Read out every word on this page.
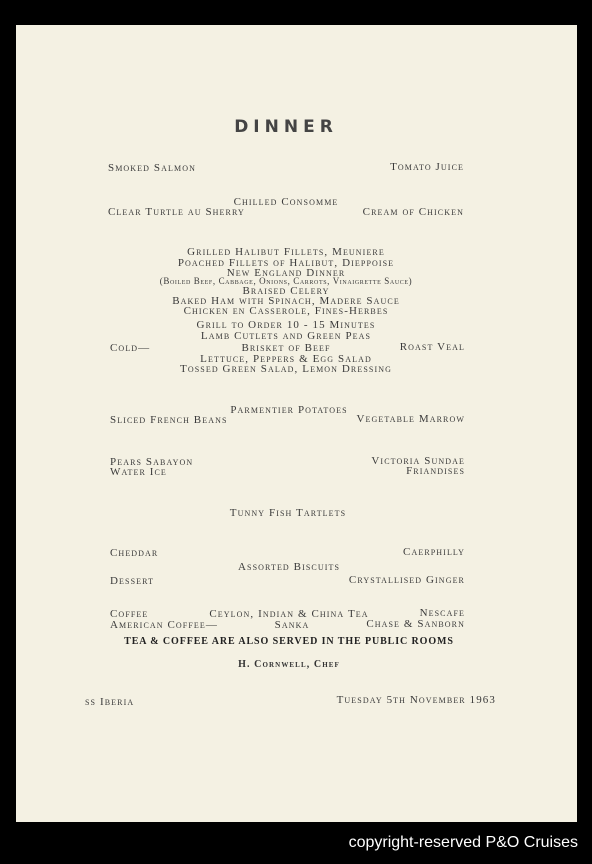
DINNER
Smoked Salmon	Tomato Juice
Chilled Consomme
Clear Turtle au Sherry	Cream of Chicken
Grilled Halibut Fillets, Meuniere
Poached Fillets of Halibut, Dieppoise
New England Dinner
(Boiled Beef, Cabbage, Onions, Carrots, Vinaigrette Sauce)
Braised Celery
Baked Ham with Spinach, Madere Sauce
Chicken en Casserole, Fines-Herbes
Grill to Order 10 - 15 Minutes
Lamb Cutlets and Green Peas
Cold—	Brisket of Beef	Roast Veal
Lettuce, Peppers & Egg Salad
Tossed Green Salad, Lemon Dressing
Parmentier Potatoes
Sliced French Beans	Vegetable Marrow
Pears Sabayon	Victoria Sundae
Water Ice	Friandises
Tunny Fish Tartlets
Cheddar	Caerphilly
Assorted Biscuits
Dessert	Crystallised Ginger
Coffee	Ceylon, Indian & China Tea	Nescafe
American Coffee—	Sanka	Chase & Sanborn
TEA & COFFEE ARE ALSO SERVED IN THE PUBLIC ROOMS
H. Cornwell, Chef
ss Iberia	Tuesday 5th November 1963
copyright-reserved P&O Cruises
